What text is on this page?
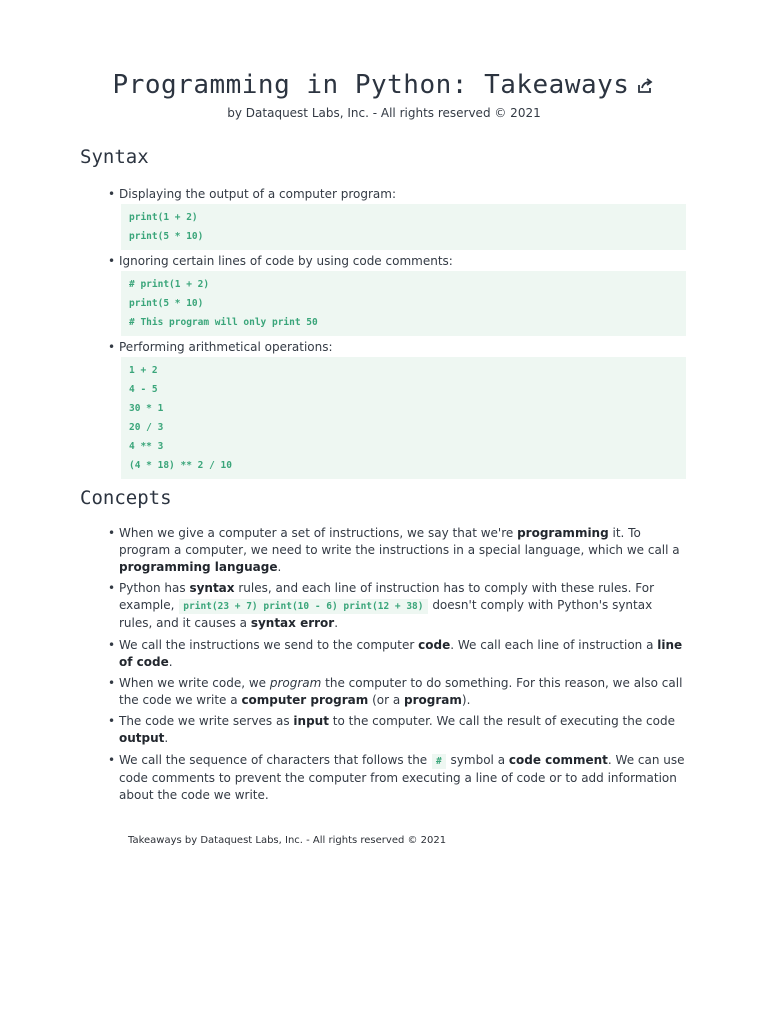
Programming in Python: Takeaways
by Dataquest Labs, Inc. - All rights reserved © 2021
Syntax
• Displaying the output of a computer program:
print(1 + 2)
print(5 * 10)
• Ignoring certain lines of code by using code comments:
# print(1 + 2)
print(5 * 10)
# This program will only print 50
• Performing arithmetical operations:
1 + 2
4 - 5
30 * 1
20 / 3
4 ** 3
(4 * 18) ** 2 / 10
Concepts
• When we give a computer a set of instructions, we say that we're programming it. To program a computer, we need to write the instructions in a special language, which we call a programming language.
• Python has syntax rules, and each line of instruction has to comply with these rules. For example, print(23 + 7) print(10 - 6) print(12 + 38) doesn't comply with Python's syntax rules, and it causes a syntax error.
• We call the instructions we send to the computer code. We call each line of instruction a line of code.
• When we write code, we program the computer to do something. For this reason, we also call the code we write a computer program (or a program).
• The code we write serves as input to the computer. We call the result of executing the code output.
• We call the sequence of characters that follows the # symbol a code comment. We can use code comments to prevent the computer from executing a line of code or to add information about the code we write.
Takeaways by Dataquest Labs, Inc. - All rights reserved © 2021
